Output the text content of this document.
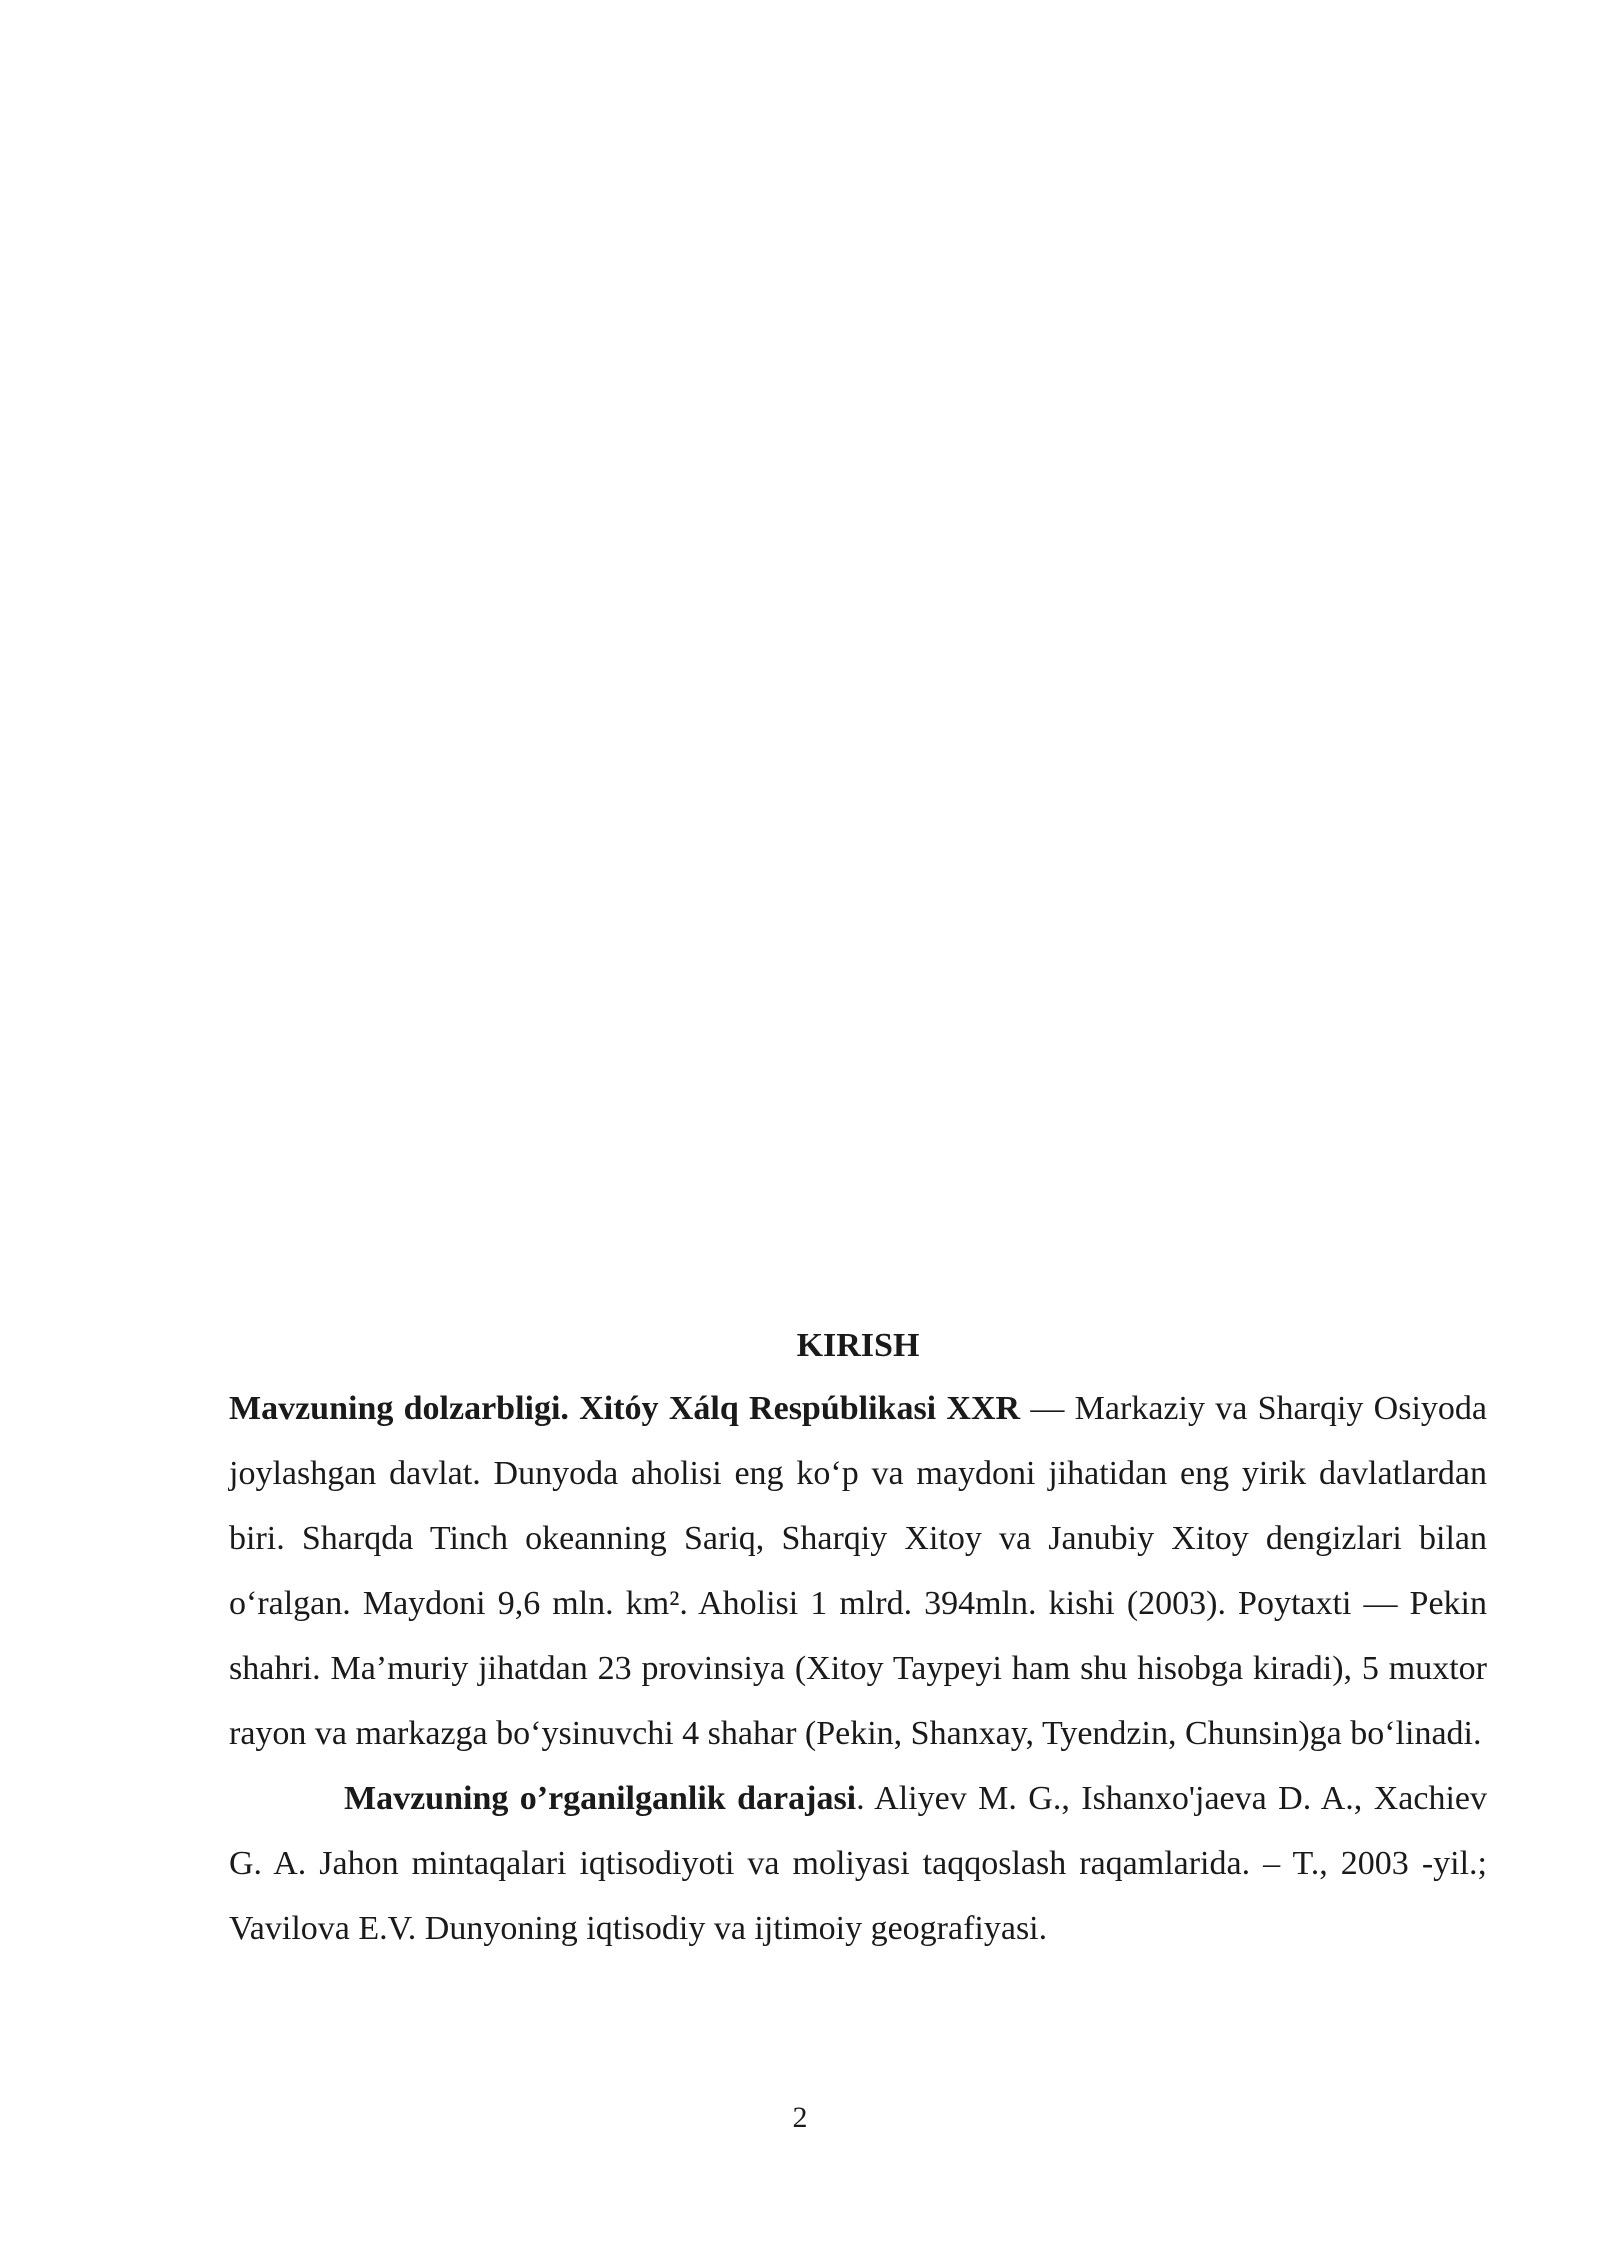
KIRISH

Mavzuning dolzarbligi. Xitóy Xálq Respúblikasi XXR — Markaziy va Sharqiy Osiyoda joylashgan davlat. Dunyoda aholisi eng ko‘p va maydoni jihatidan eng yirik davlatlardan biri. Sharqda Tinch okeanning Sariq, Sharqiy Xitoy va Janubiy Xitoy dengizlari bilan o‘ralgan. Maydoni 9,6 mln. km². Aholisi 1 mlrd. 394mln. kishi (2003). Poytaxti — Pekin shahri. Ma’muriy jihatdan 23 provinsiya (Xitoy Taypeyi ham shu hisobga kiradi), 5 muxtor rayon va markazga bo‘ysinuvchi 4 shahar (Pekin, Shanxay, Tyendzin, Chunsin)ga bo‘linadi.

Mavzuning o’rganilganlik darajasi. Aliyev M. G., Ishanxo'jaeva D. A., Xachiev G. A. Jahon mintaqalari iqtisodiyoti va moliyasi taqqoslash raqamlarida. – T., 2003 -yil.; Vavilova E.V. Dunyoning iqtisodiy va ijtimoiy geografiyasi.

2
